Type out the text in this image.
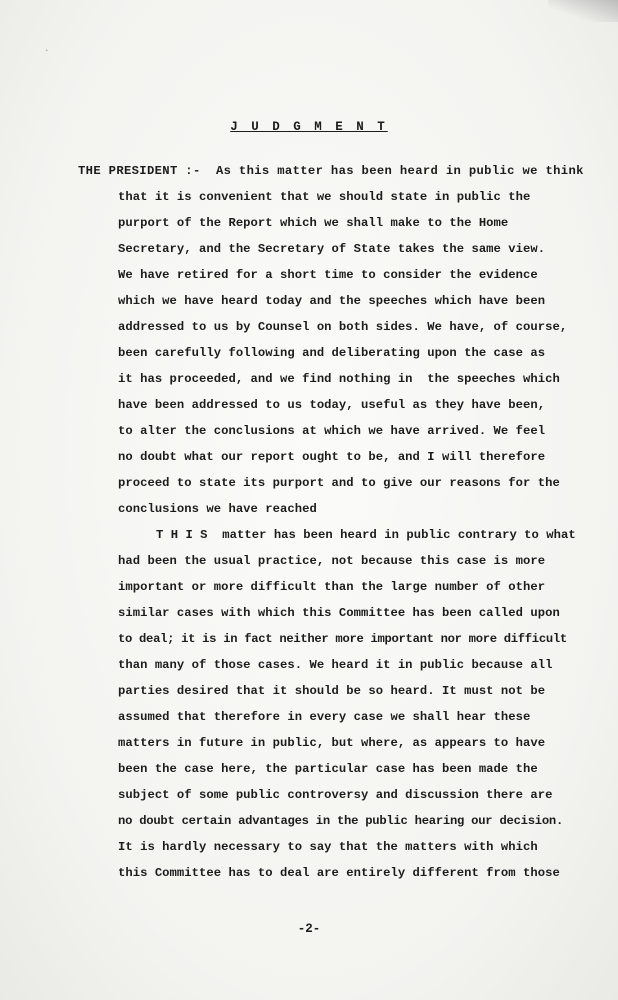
ˎ
J U D G M E N T
THE PRESIDENT :-  As this matter has been heard in public we think
that it is convenient that we should state in public the
purport of the Report which we shall make to the Home
Secretary, and the Secretary of State takes the same view.
We have retired for a short time to consider the evidence
which we have heard today and the speeches which have been
addressed to us by Counsel on both sides. We have, of course,
been carefully following and deliberating upon the case as
it has proceeded, and we find nothing in  the speeches which
have been addressed to us today, useful as they have been,
to alter the conclusions at which we have arrived. We feel
no doubt what our report ought to be, and I will therefore
proceed to state its purport and to give our reasons for the
conclusions we have reached
T H I S  matter has been heard in public contrary to what
had been the usual practice, not because this case is more
important or more difficult than the large number of other
similar cases with which this Committee has been called upon
to deal; it is in fact neither more important nor more difficult
than many of those cases. We heard it in public because all
parties desired that it should be so heard. It must not be
assumed that therefore in every case we shall hear these
matters in future in public, but where, as appears to have
been the case here, the particular case has been made the
subject of some public controversy and discussion there are
no doubt certain advantages in the public hearing our decision.
It is hardly necessary to say that the matters with which
this Committee has to deal are entirely different from those
-2-
